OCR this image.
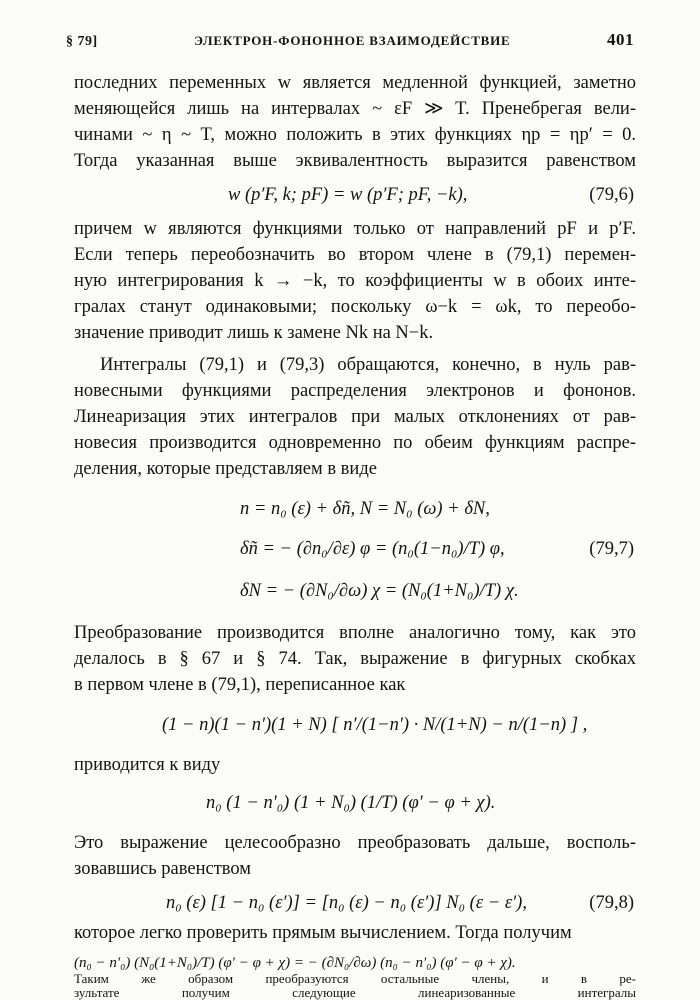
§ 79]	ЭЛЕКТРОН-ФОНОННОЕ ВЗАИМОДЕЙСТВИЕ	401
последних переменных w является медленной функцией, заметно
меняющейся лишь на интервалах ~ εF ≫ T. Пренебрегая вели-
чинами ~ η ~ T, можно положить в этих функциях ηp = ηp′ = 0.
Тогда указанная выше эквивалентность выразится равенством
w (p′F, k; pF) = w (p′F; pF, −k),	(79,6)
причем w являются функциями только от направлений pF и p′F.
Если теперь переобозначить во втором члене в (79,1) перемен-
ную интегрирования k → −k, то коэффициенты w в обоих инте-
гралах станут одинаковыми; поскольку ω−k = ωk, то переобо-
значение приводит лишь к замене Nk на N−k.
Интегралы (79,1) и (79,3) обращаются, конечно, в нуль рав-
новесными функциями распределения электронов и фононов.
Линеаризация этих интегралов при малых отклонениях от рав-
новесия производится одновременно по обеим функциям распре-
деления, которые представляем в виде
n = n₀ (ε) + δñ, N = N₀ (ω) + δN,
δñ = − (∂n₀/∂ε) φ = (n₀(1−n₀)/T) φ,	(79,7)
δN = − (∂N₀/∂ω) χ = (N₀(1+N₀)/T) χ.
Преобразование производится вполне аналогично тому, как это
делалось в § 67 и § 74. Так, выражение в фигурных скобках
в первом члене в (79,1), переписанное как
(1 − n)(1 − n′)(1 + N) [ n′/(1−n′) · N/(1+N) − n/(1−n) ] ,
приводится к виду
n₀ (1 − n′₀) (1 + N₀) (1/T) (φ′ − φ + χ).
Это выражение целесообразно преобразовать дальше, восполь-
зовавшись равенством
n₀ (ε) [1 − n₀ (ε′)] = [n₀ (ε) − n₀ (ε′)] N₀ (ε − ε′),	(79,8)
которое легко проверить прямым вычислением. Тогда получим
(n₀ − n′₀) (N₀(1+N₀)/T) (φ′ − φ + χ) = − (∂N₀/∂ω) (n₀ − n′₀) (φ′ − φ + χ).
Таким же образом преобразуются остальные члены, и в ре-
зультате получим следующие линеаризованные интегралы
